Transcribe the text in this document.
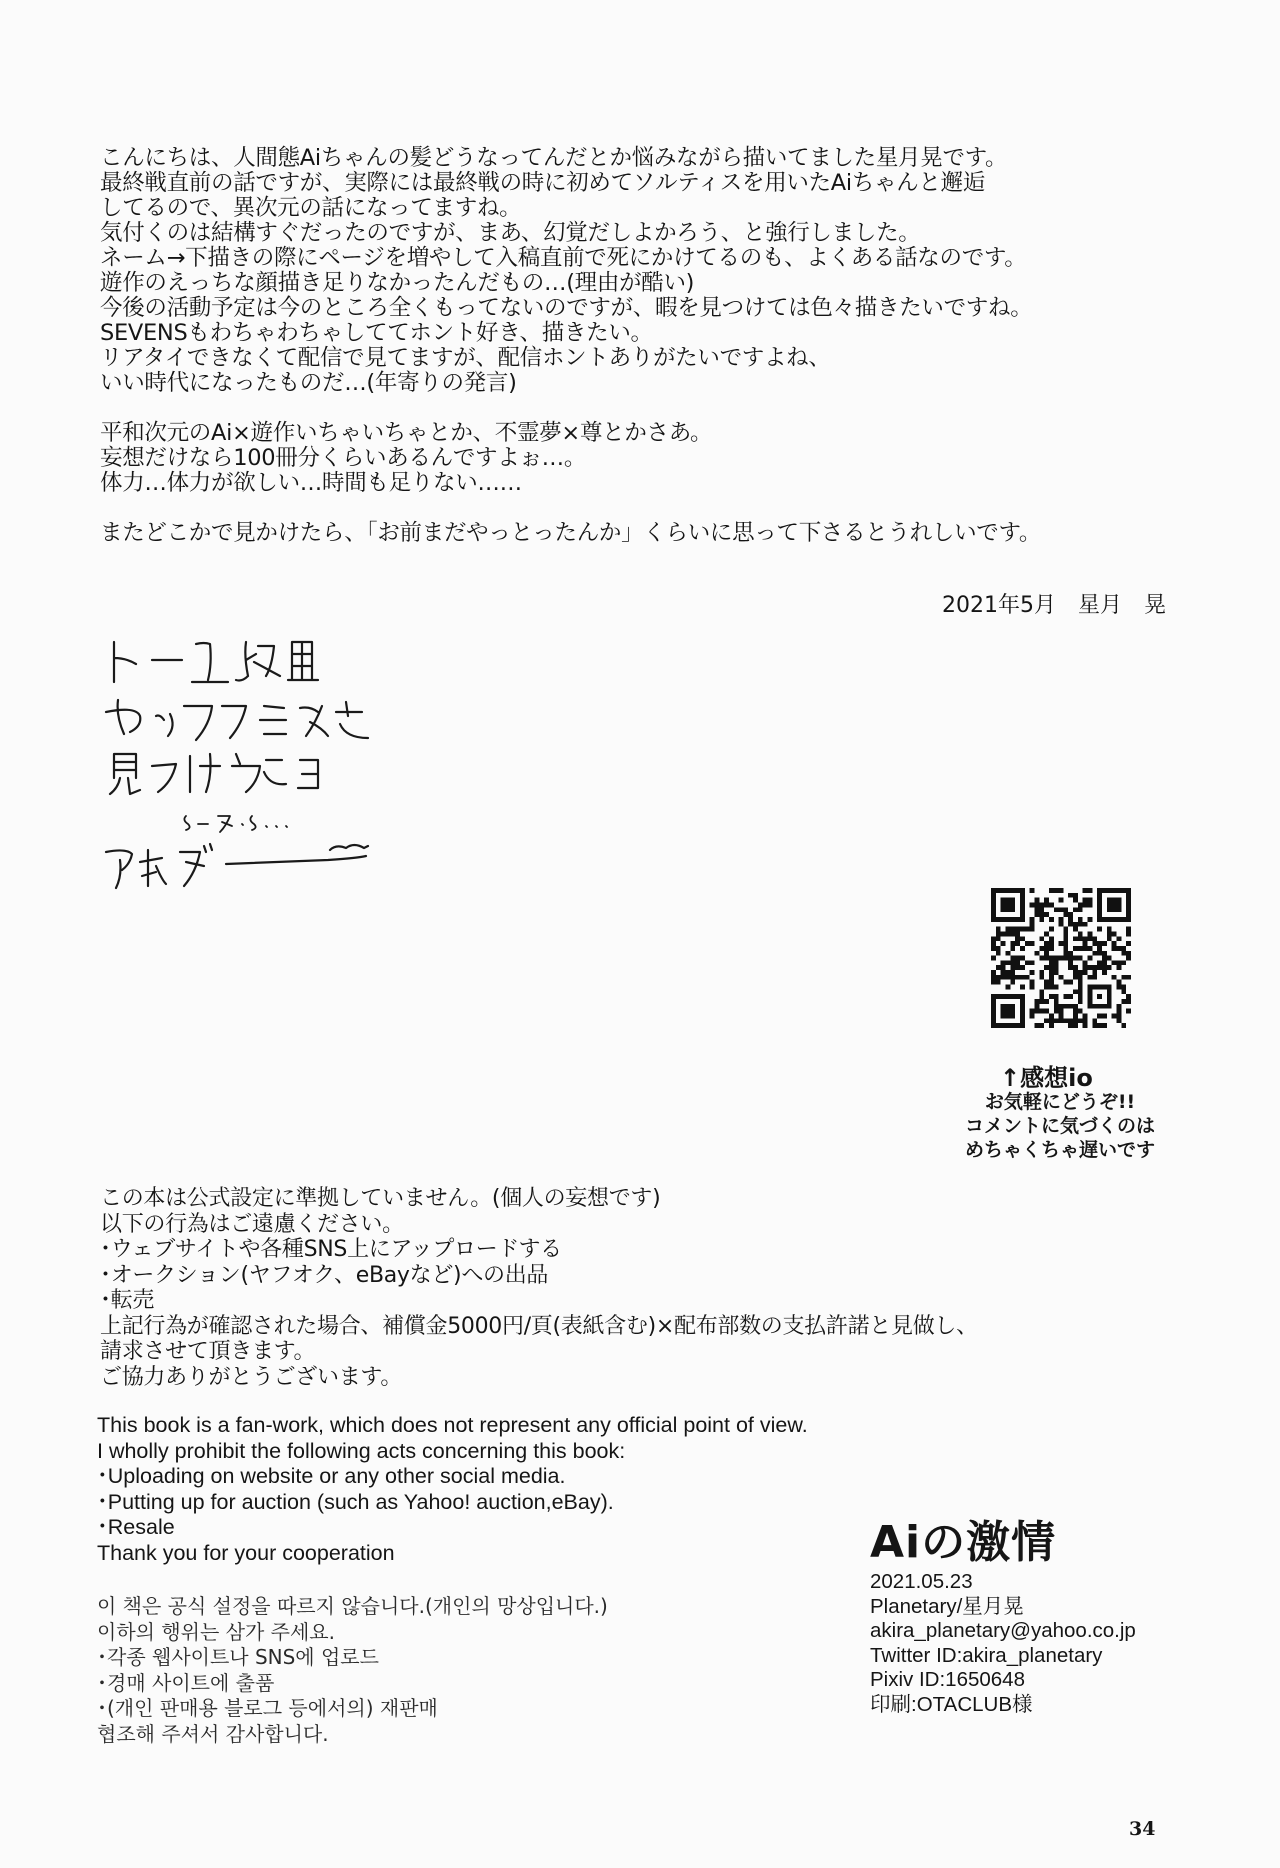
こんにちは、人間態Aiちゃんの髪どうなってんだとか悩みながら描いてました星月晃です。
最終戦直前の話ですが、実際には最終戦の時に初めてソルティスを用いたAiちゃんと邂逅
してるので、異次元の話になってますね。
気付くのは結構すぐだったのですが、まあ、幻覚だしよかろう、と強行しました。
ネーム→下描きの際にページを増やして入稿直前で死にかけてるのも、よくある話なのです。
遊作のえっちな顔描き足りなかったんだもの…(理由が酷い)
今後の活動予定は今のところ全くもってないのですが、暇を見つけては色々描きたいですね。
SEVENSもわちゃわちゃしててホント好き、描きたい。
リアタイできなくて配信で見てますが、配信ホントありがたいですよね、
いい時代になったものだ…(年寄りの発言)
平和次元のAi×遊作いちゃいちゃとか、不霊夢×尊とかさあ。
妄想だけなら100冊分くらいあるんですよぉ…。
体力…体力が欲しい…時間も足りない……
またどこかで見かけたら、「お前まだやっとったんか」くらいに思って下さるとうれしいです。
2021年5月　星月　晃
↑感想io
お気軽にどうぞ!!
コメントに気づくのは
めちゃくちゃ遅いです
この本は公式設定に準拠していません。(個人の妄想です)
以下の行為はご遠慮ください。
･ウェブサイトや各種SNS上にアップロードする
･オークション(ヤフオク、eBayなど)への出品
･転売
上記行為が確認された場合、補償金5000円/頁(表紙含む)×配布部数の支払許諾と見做し、
請求させて頂きます。
ご協力ありがとうございます。
This book is a fan-work, which does not represent any official point of view.
I wholly prohibit the following acts concerning this book:
･Uploading on website or any other social media.
･Putting up for auction (such as Yahoo! auction,eBay).
･Resale
Thank you for your cooperation
이 책은 공식 설정을 따르지 않습니다.(개인의 망상입니다.)
이하의 행위는 삼가 주세요.
･각종 웹사이트나 SNS에 업로드
･경매 사이트에 출품
･(개인 판매용 블로그 등에서의) 재판매
협조해 주셔서 감사합니다.
Aiの激情
2021.05.23
Planetary/星月晃
akira_planetary@yahoo.co.jp
Twitter ID:akira_planetary
Pixiv ID:1650648
印刷:OTACLUB様
34
